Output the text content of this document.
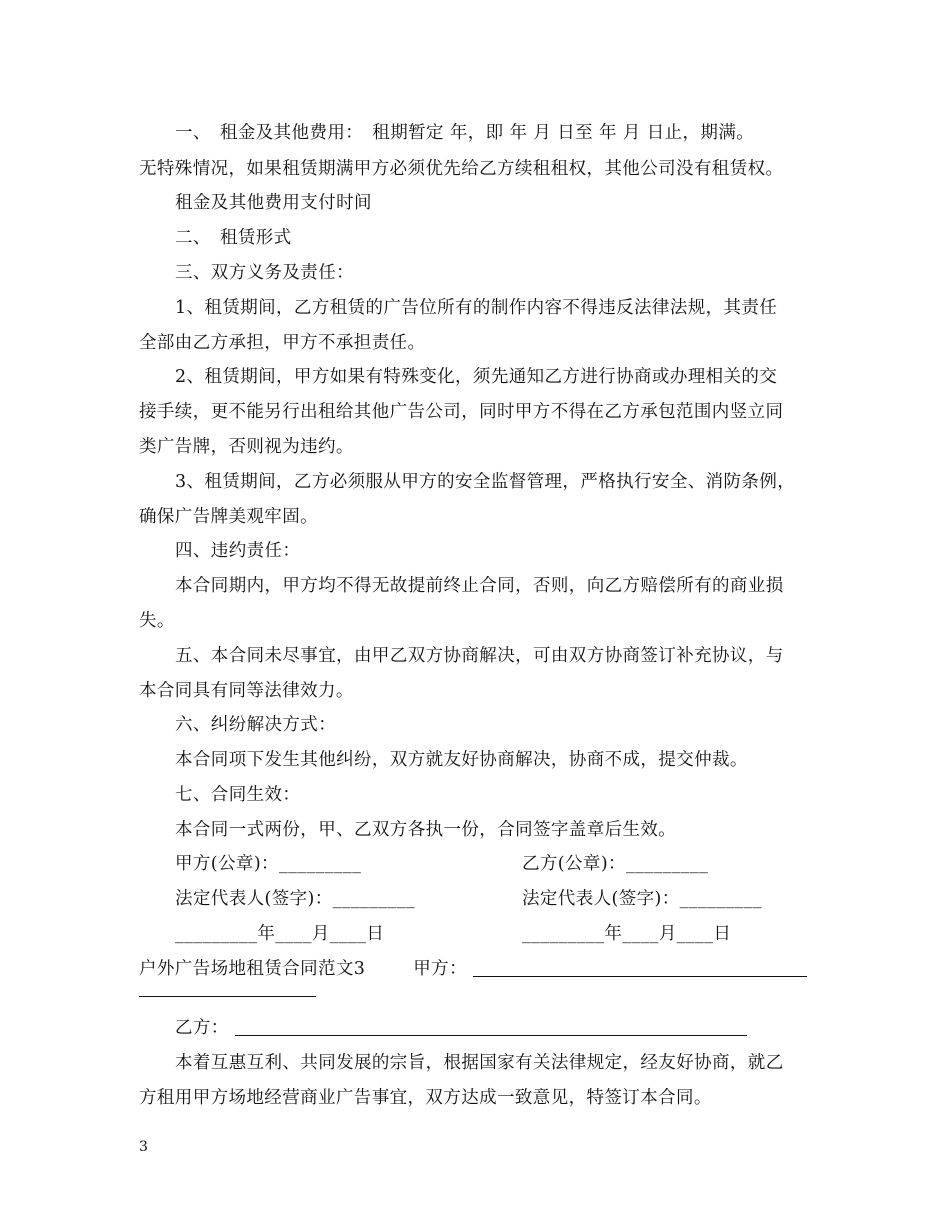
一、　租金及其他费用：　租期暂定 年，即 年 月 日至 年 月 日止，期满。
无特殊情况，如果租赁期满甲方必须优先给乙方续租租权，其他公司没有租赁权。
租金及其他费用支付时间
二、　租赁形式
三、双方义务及责任：
1、租赁期间，乙方租赁的广告位所有的制作内容不得违反法律法规，其责任
全部由乙方承担，甲方不承担责任。
2、租赁期间，甲方如果有特殊变化，须先通知乙方进行协商或办理相关的交
接手续，更不能另行出租给其他广告公司，同时甲方不得在乙方承包范围内竖立同
类广告牌，否则视为违约。
3、租赁期间，乙方必须服从甲方的安全监督管理，严格执行安全、消防条例，
确保广告牌美观牢固。
四、违约责任：
本合同期内，甲方均不得无故提前终止合同，否则，向乙方赔偿所有的商业损
失。
五、本合同未尽事宜，由甲乙双方协商解决，可由双方协商签订补充协议，与
本合同具有同等法律效力。
六、纠纷解决方式：
本合同项下发生其他纠纷，双方就友好协商解决，协商不成，提交仲裁。
七、合同生效：
本合同一式两份，甲、乙双方各执一份，合同签字盖章后生效。
甲方(公章)：_________	乙方(公章)：_________
法定代表人(签字)：_________	法定代表人(签字)：_________
_________年____月____日	_________年____月____日
户外广告场地租赁合同范文3	甲方：
乙方：
本着互惠互利、共同发展的宗旨，根据国家有关法律规定，经友好协商，就乙
方租用甲方场地经营商业广告事宜，双方达成一致意见，特签订本合同。
3
